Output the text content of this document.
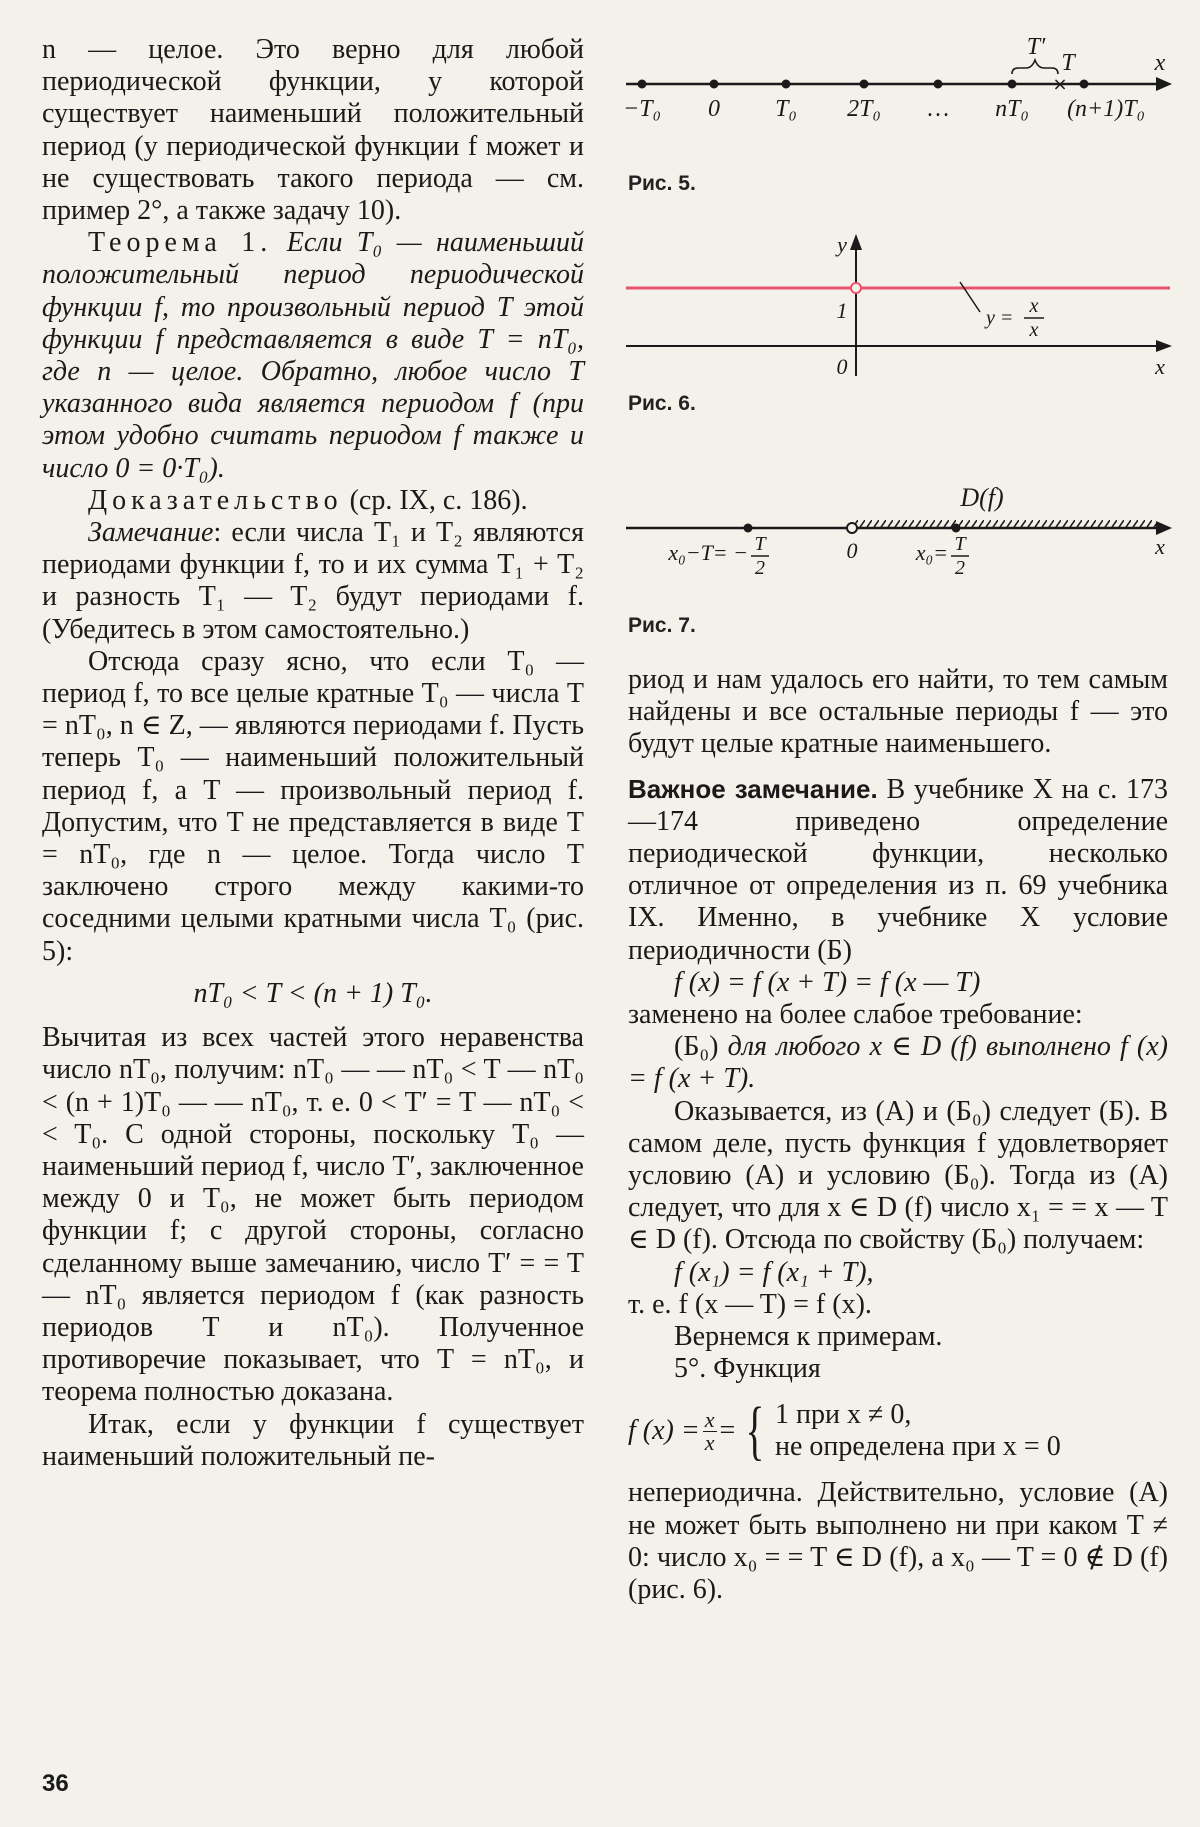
n — целое. Это верно для любой периодической функции, у которой существует наименьший положительный период (у периодической функции f может и не существовать такого периода — см. пример 2°, а также задачу 10).

Теорема 1. Если T₀ — наименьший положительный период периодической функции f, то произвольный период T этой функции f представляется в виде T = nT₀, где n — целое. Обратно, любое число T указанного вида является периодом f (при этом удобно считать периодом f также и число 0 = 0·T₀).

Доказательство (ср. IX, с. 186).

Замечание: если числа T₁ и T₂ являются периодами функции f, то и их сумма T₁ + T₂ и разность T₁ — T₂ будут периодами f. (Убедитесь в этом самостоятельно.)

Отсюда сразу ясно, что если T₀ — период f, то все целые кратные T₀ — числа T = nT₀, n ∈ Z, — являются периодами f. Пусть теперь T₀ — наименьший положительный период f, а T — произвольный период f. Допустим, что T не представляется в виде T = nT₀, где n — целое. Тогда число T заключено строго между какими-то соседними целыми кратными числа T₀ (рис. 5):

nT₀ < T < (n + 1) T₀.

Вычитая из всех частей этого неравенства число nT₀, получим: nT₀ — — nT₀ < T — nT₀ < (n + 1)T₀ — — nT₀, т. е. 0 < T′ = T — nT₀ < < T₀. С одной стороны, поскольку T₀ — наименьший период f, число T′, заключенное между 0 и T₀, не может быть периодом функции f; с другой стороны, согласно сделанному выше замечанию, число T′ = = T — nT₀ является периодом f (как разность периодов T и nT₀). Полученное противоречие показывает, что T = nT₀, и теорема полностью доказана.

Итак, если у функции f существует наименьший положительный пе-

×
T′
T	x
−T₀ 0 T₀ 2T₀ … nT₀ (n+1)T₀
Рис. 5.
y
1
0	x
y =
x
x
Рис. 6.
D(f)
x
0
x₀−T= − T
2
x₀= T
2
Рис. 7.

риод и нам удалось его найти, то тем самым найдены и все остальные периоды f — это будут целые кратные наименьшего.

Важное замечание. В учебнике X на с. 173—174 приведено определение периодической функции, несколько отличное от определения из п. 69 учебника IX. Именно, в учебнике X условие периодичности (Б)

f (x) = f (x + T) = f (x — T)

заменено на более слабое требование:

(Б₀) для любого x ∈ D (f) выполнено f (x) = f (x + T).

Оказывается, из (А) и (Б₀) следует (Б). В самом деле, пусть функция f удовлетворяет условию (А) и условию (Б₀). Тогда из (А) следует, что для x ∈ D (f) число x₁ = = x — T ∈ D (f). Отсюда по свойству (Б₀) получаем:

f (x₁) = f (x₁ + T),

т. е. f (x — T) = f (x).

Вернемся к примерам.

5°. Функция

f $(x) = \frac{x}{x}$ = { 1 при x ≠ 0,
не определена при x = 0

непериодична. Действительно, условие (А) не может быть выполнено ни при каком T ≠ 0: число x₀ = = T ∈ D (f), а x₀ — T = 0 ∉ D (f) (рис. 6).

36
